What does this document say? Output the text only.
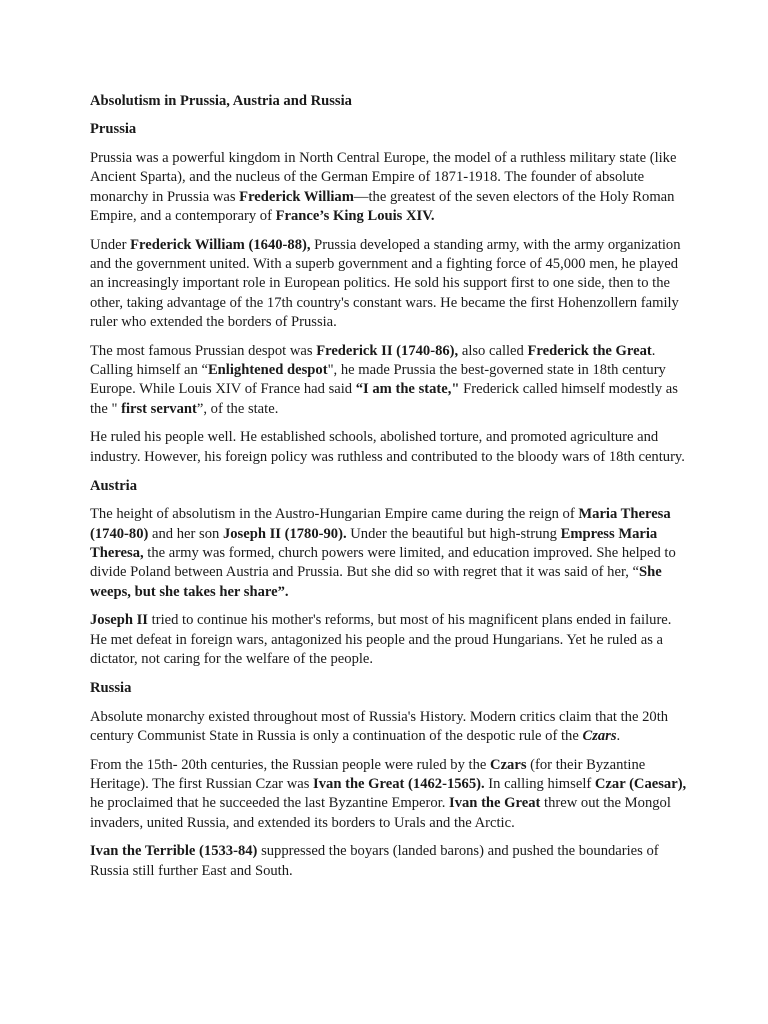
Absolutism in Prussia, Austria and Russia
Prussia

Prussia was a powerful kingdom in North Central Europe, the model of a ruthless military state (like Ancient Sparta), and the nucleus of the German Empire of 1871-1918. The founder of absolute monarchy in Prussia was Frederick William—the greatest of the seven electors of the Holy Roman Empire, and a contemporary of France’s King Louis XIV.

Under Frederick William (1640-88), Prussia developed a standing army, with the army organization and the government united. With a superb government and a fighting force of 45,000 men, he played an increasingly important role in European politics. He sold his support first to one side, then to the other, taking advantage of the 17th country's constant wars. He became the first Hohenzollern family ruler who extended the borders of Prussia.

The most famous Prussian despot was Frederick II (1740-86), also called Frederick the Great. Calling himself an “Enlightened despot", he made Prussia the best-governed state in 18th century Europe. While Louis XIV of France had said “I am the state," Frederick called himself modestly as the " first servant”, of the state.

He ruled his people well. He established schools, abolished torture, and promoted agriculture and industry. However, his foreign policy was ruthless and contributed to the bloody wars of 18th century.

Austria

The height of absolutism in the Austro-Hungarian Empire came during the reign of Maria Theresa (1740-80) and her son Joseph II (1780-90). Under the beautiful but high-strung Empress Maria Theresa, the army was formed, church powers were limited, and education improved. She helped to divide Poland between Austria and Prussia. But she did so with regret that it was said of her, “She weeps, but she takes her share”.

Joseph II tried to continue his mother's reforms, but most of his magnificent plans ended in failure. He met defeat in foreign wars, antagonized his people and the proud Hungarians. Yet he ruled as a dictator, not caring for the welfare of the people.

Russia

Absolute monarchy existed throughout most of Russia's History. Modern critics claim that the 20th century Communist State in Russia is only a continuation of the despotic rule of the Czars.

From the 15th- 20th centuries, the Russian people were ruled by the Czars (for their Byzantine Heritage). The first Russian Czar was Ivan the Great (1462-1565). In calling himself Czar (Caesar), he proclaimed that he succeeded the last Byzantine Emperor. Ivan the Great threw out the Mongol invaders, united Russia, and extended its borders to Urals and the Arctic.

Ivan the Terrible (1533-84) suppressed the boyars (landed barons) and pushed the boundaries of Russia still further East and South.
